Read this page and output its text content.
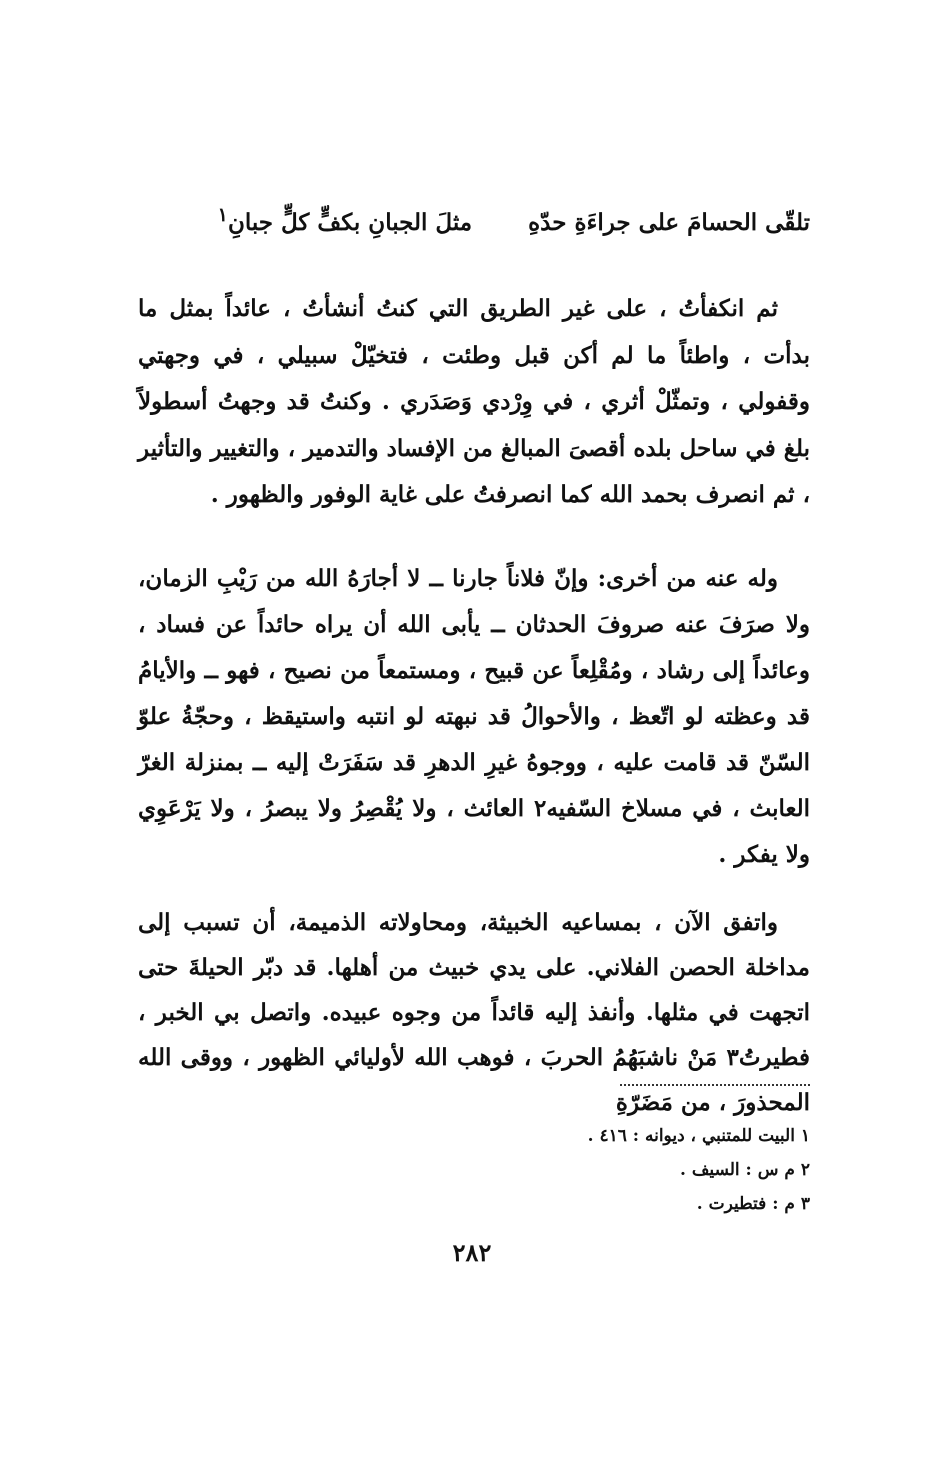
تلقّى الحسامَ على جراءَةِ حدّهِ  مثلَ الجبانِ بكفٍّ كلٍّ جبانِ$^١$

ثم انكفأتُ ، على غير الطريق التي كنتُ أنشأتُ ، عائداً بمثل ما بدأت ، واطئاً ما لم أكن قبل وطئت ، فتخيّلْ سبيلي ، في وجهتي وقفولي ، وتمثّلْ أثري ، في وِرْدي وَصَدَري . وكنتُ قد وجهتُ أسطولاً بلغ في ساحل بلده أقصىَ المبالغ من الإفساد والتدمير ، والتغيير والتأثير ، ثم انصرف بحمد الله كما انصرفتُ على غاية الوفور والظهور .

وله عنه من أخرى: وإنّ فلاناً جارنا ــ لا أجارَهُ الله من رَيْبِ الزمان، ولا صرَفَ عنه صروفَ الحدثان ــ يأبى الله أن يراه حائداً عن فساد ، وعائداً إلى رشاد ، ومُقْلِعاً عن قبيح ، ومستمعاً من نصيح ، فهو ــ والأيامُ قد وعظته لو اتّعظ ، والأحوالُ قد نبهته لو انتبه واستيقظ ، وحجّةُ علوّ السّنّ قد قامت عليه ، ووجوهُ غيرِ الدهرِ قد سَفَرَتْ إليه ــ بمنزلة الغرّ العابث ، في مسلاخ السّفيه٢ العائث ، ولا يُقْصِرُ ولا يبصرُ ، ولا يَرْعَوِي ولا يفكر .

واتفق الآن ، بمساعيه الخبيثة، ومحاولاته الذميمة، أن تسبب إلى مداخلة الحصن الفلاني. على يدي خبيث من أهلها. قد دبّر الحيلةَ حتى اتجهت في مثلها. وأنفذ إليه قائداً من وجوه عبيده. واتصل بي الخبر ، فطيرتُ٣ مَنْ ناشبَهُمُ الحربَ ، فوهب الله لأوليائي الظهور ، ووقى الله المحذورَ ، من مَضَرّةِ

١ البيت للمتنبي ، ديوانه : ٤١٦ .
٢ م س : السيف .
٣ م : فتطيرت .
٢٨٢
